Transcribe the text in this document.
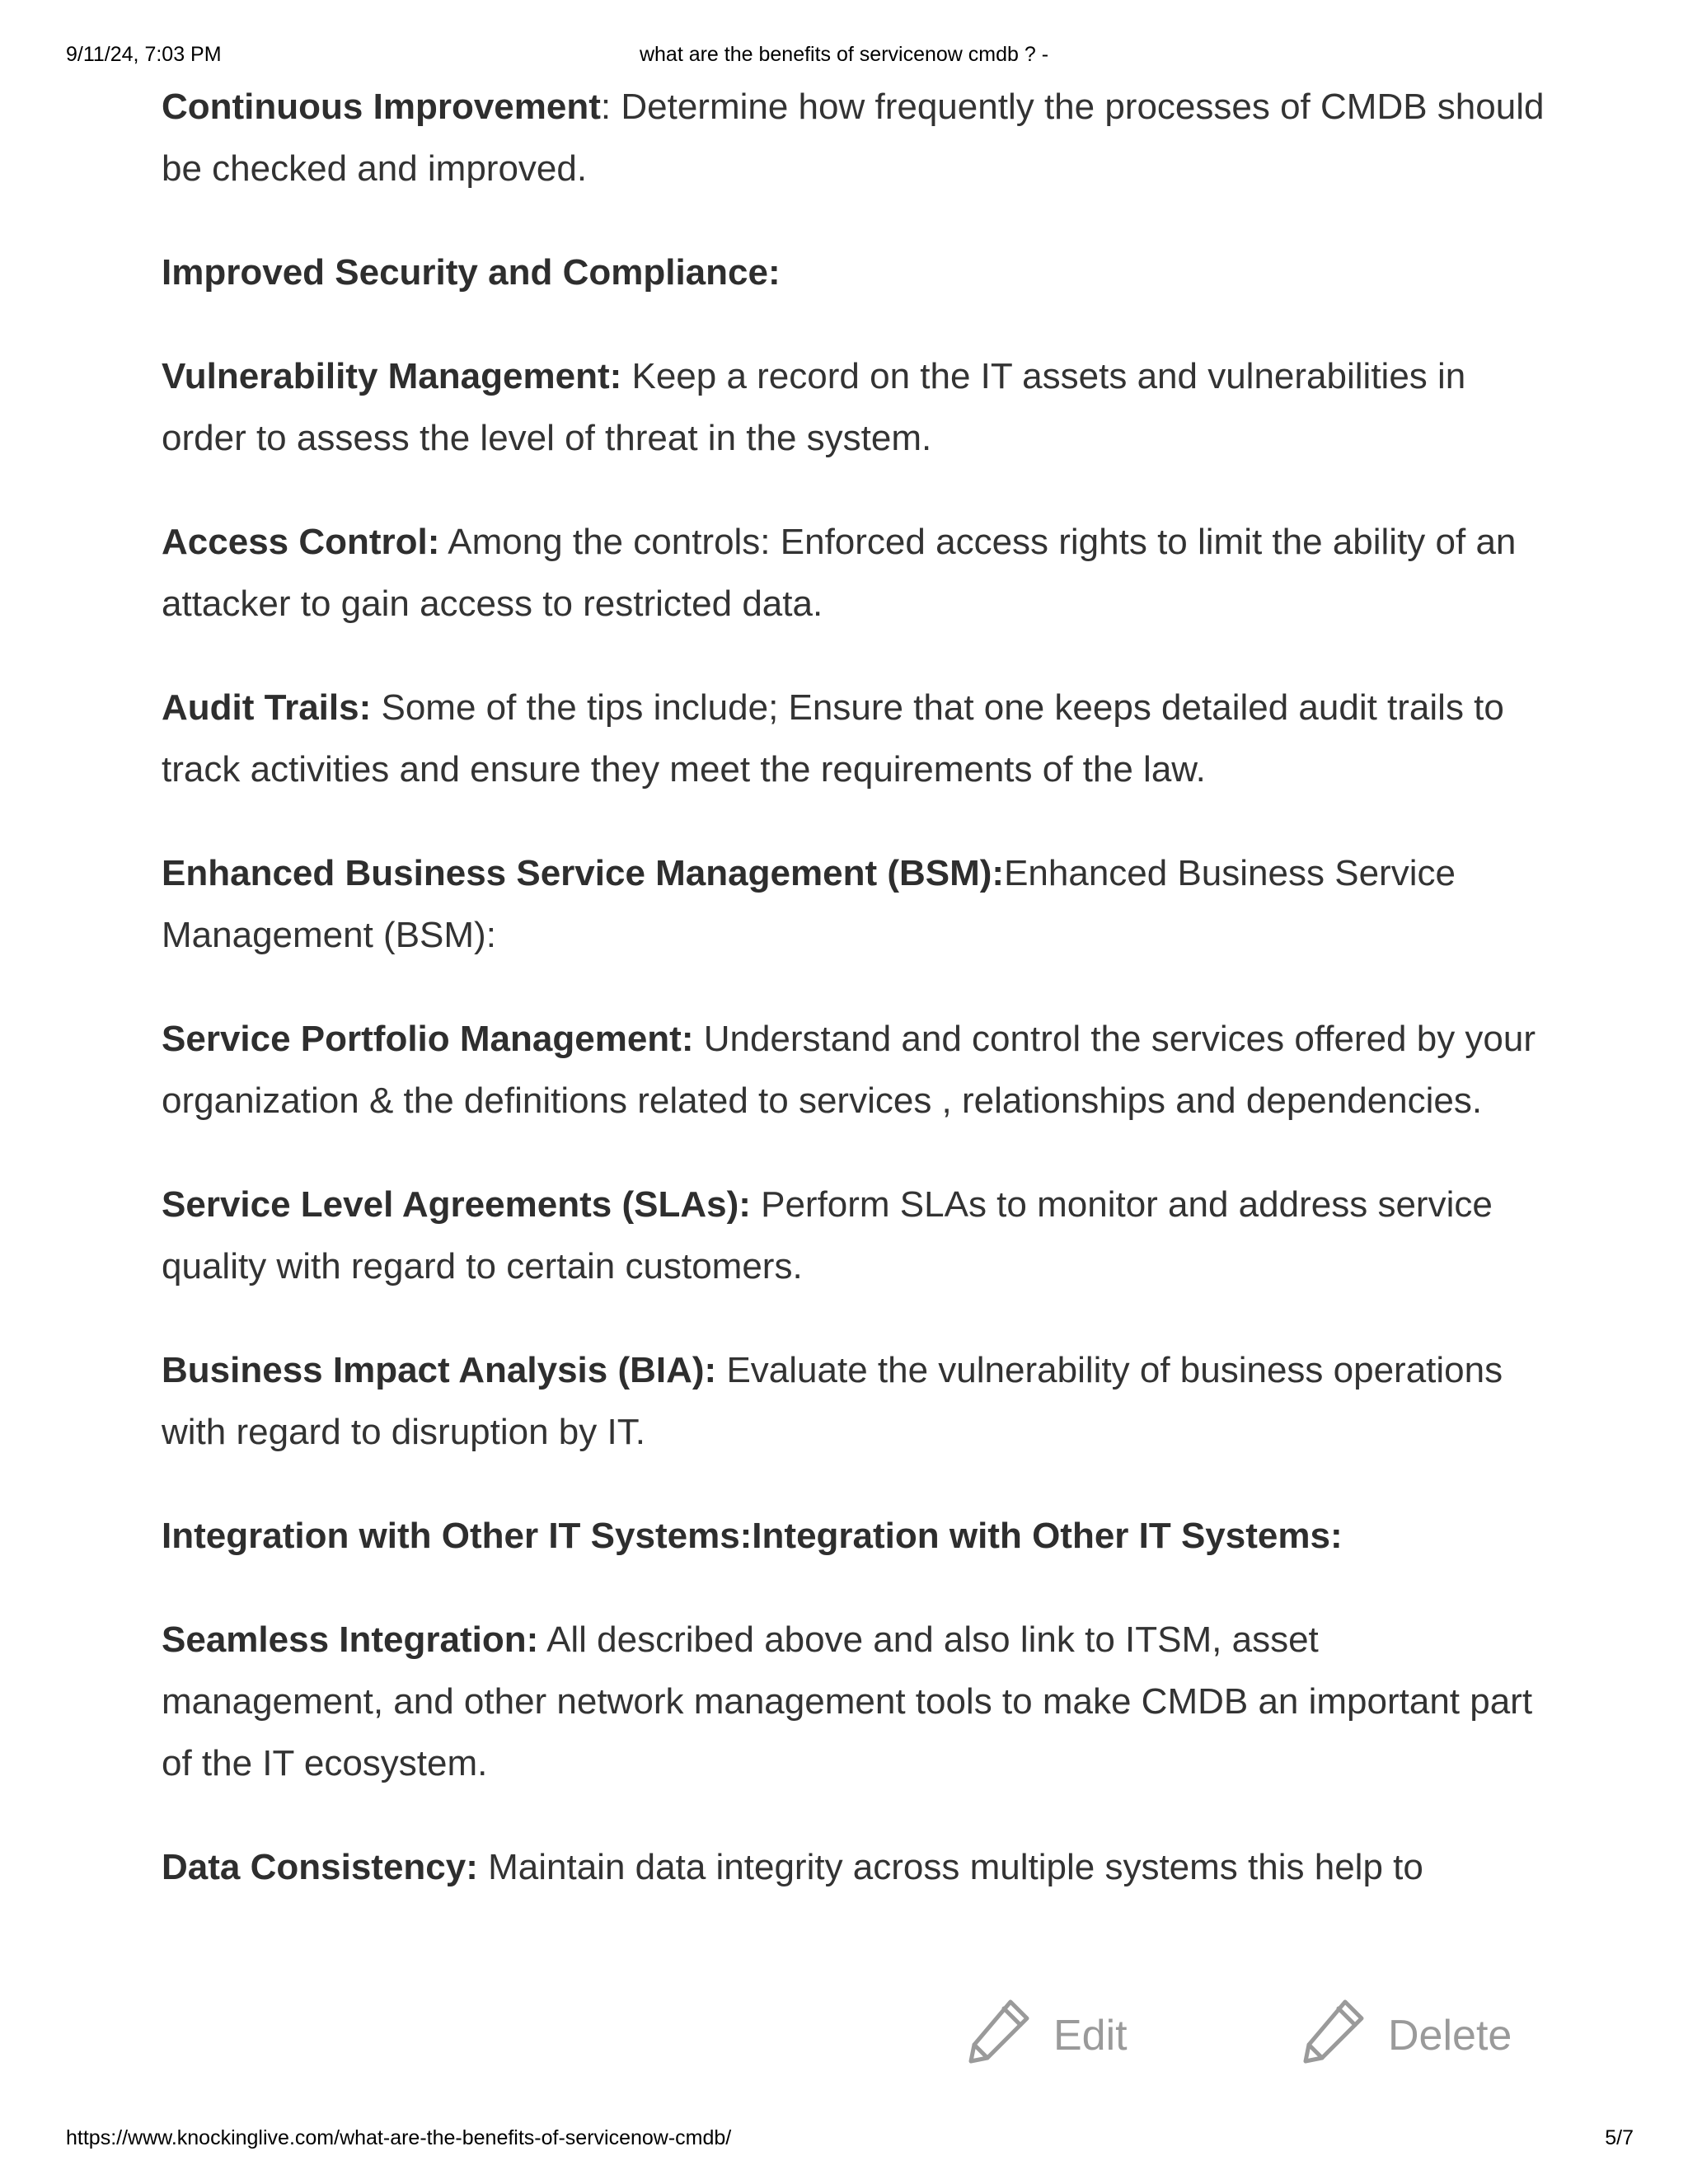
9/11/24, 7:03 PM	what are the benefits of servicenow cmdb ? -

Continuous Improvement: Determine how frequently the processes of CMDB should be checked and improved.

Improved Security and Compliance:

Vulnerability Management: Keep a record on the IT assets and vulnerabilities in order to assess the level of threat in the system.

Access Control: Among the controls: Enforced access rights to limit the ability of an attacker to gain access to restricted data.

Audit Trails: Some of the tips include; Ensure that one keeps detailed audit trails to track activities and ensure they meet the requirements of the law.

Enhanced Business Service Management (BSM):Enhanced Business Service Management (BSM):

Service Portfolio Management: Understand and control the services offered by your organization & the definitions related to services , relationships and dependencies.

Service Level Agreements (SLAs): Perform SLAs to monitor and address service quality with regard to certain customers.

Business Impact Analysis (BIA): Evaluate the vulnerability of business operations with regard to disruption by IT.

Integration with Other IT Systems:Integration with Other IT Systems:

Seamless Integration: All described above and also link to ITSM, asset management, and other network management tools to make CMDB an important part of the IT ecosystem.

Data Consistency: Maintain data integrity across multiple systems this help to

Edit	Delete
https://www.knockinglive.com/what-are-the-benefits-of-servicenow-cmdb/	5/7
